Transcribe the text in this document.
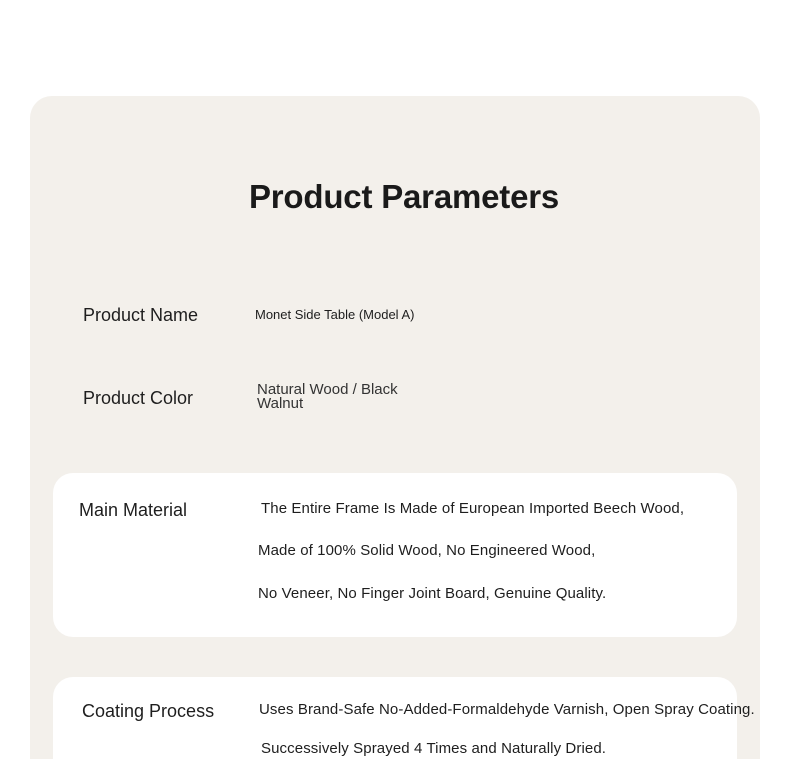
Product Parameters
Product Name	Monet Side Table (Model A)
Product Color	Natural Wood / Black Walnut
Main Material	The Entire Frame Is Made of European Imported Beech Wood,
Made of 100% Solid Wood, No Engineered Wood,
No Veneer, No Finger Joint Board, Genuine Quality.
Coating Process	Uses Brand-Safe No-Added-Formaldehyde Varnish, Open Spray Coating.
Successively Sprayed 4 Times and Naturally Dried.
